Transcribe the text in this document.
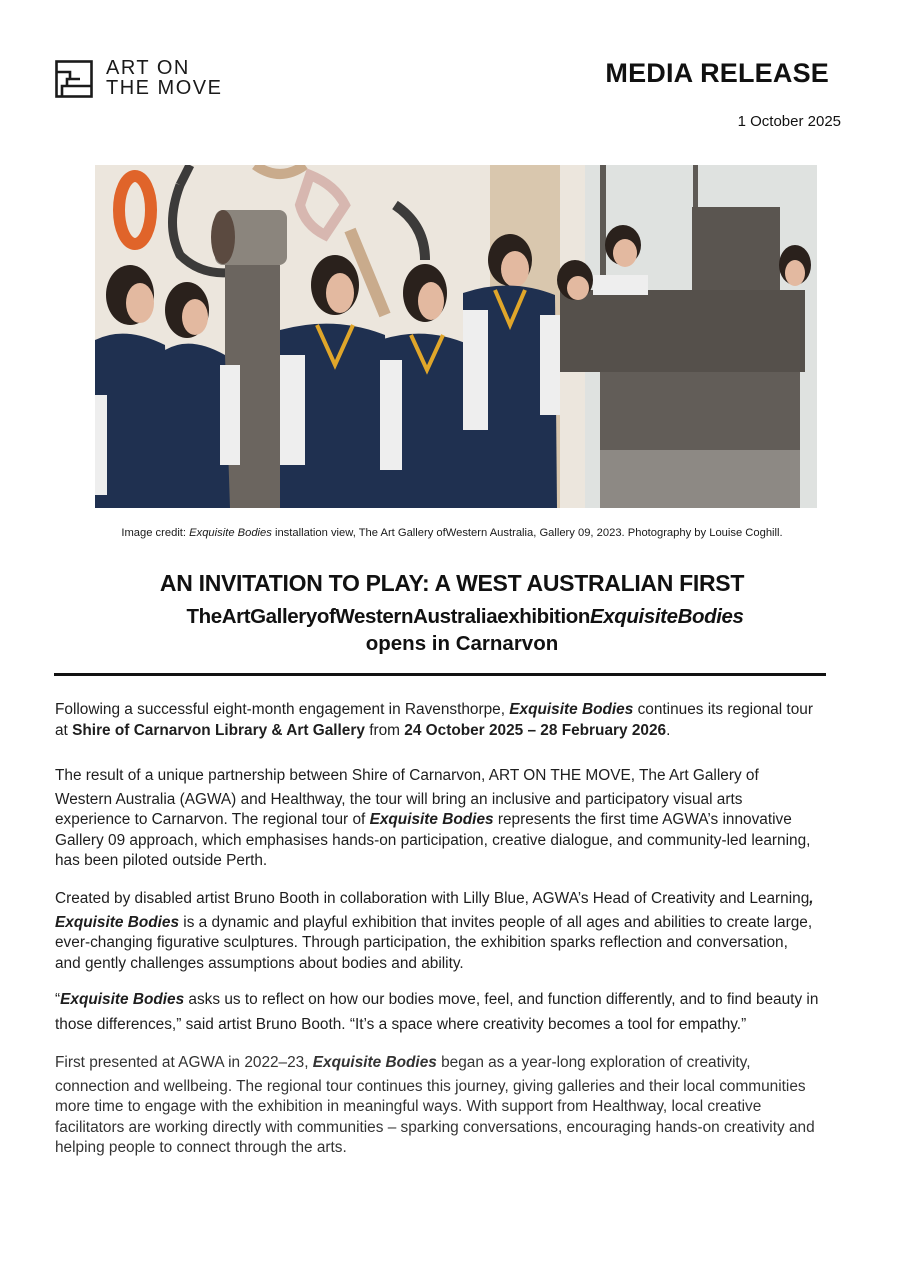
ART ON
THE MOVE	MEDIA RELEASE
1 October 2025
Image credit: Exquisite Bodies installation view, The Art Gallery ofWestern Australia, Gallery 09, 2023. Photography by Louise Coghill.
AN INVITATION TO PLAY: A WEST AUSTRALIAN FIRST
TheArtGalleryofWesternAustraliaexhibitionExquisiteBodies
opens in Carnarvon
Following a successful eight-month engagement in Ravensthorpe, Exquisite Bodies continues its regional tour
at Shire of Carnarvon Library & Art Gallery from 24 October 2025 – 28 February 2026.
The result of a unique partnership between Shire of Carnarvon, ART ON THE MOVE, The Art Gallery of
Western Australia (AGWA) and Healthway, the tour will bring an inclusive and participatory visual arts
experience to Carnarvon. The regional tour of Exquisite Bodies represents the first time AGWA’s innovative
Gallery 09 approach, which emphasises hands-on participation, creative dialogue, and community-led learning,
has been piloted outside Perth.
Created by disabled artist Bruno Booth in collaboration with Lilly Blue, AGWA’s Head of Creativity and Learning,
Exquisite Bodies is a dynamic and playful exhibition that invites people of all ages and abilities to create large,
ever-changing figurative sculptures. Through participation, the exhibition sparks reflection and conversation,
and gently challenges assumptions about bodies and ability.
“Exquisite Bodies asks us to reflect on how our bodies move, feel, and function differently, and to find beauty in
those differences,” said artist Bruno Booth. “It’s a space where creativity becomes a tool for empathy.”
First presented at AGWA in 2022–23, Exquisite Bodies began as a year-long exploration of creativity,
connection and wellbeing. The regional tour continues this journey, giving galleries and their local communities
more time to engage with the exhibition in meaningful ways. With support from Healthway, local creative
facilitators are working directly with communities – sparking conversations, encouraging hands-on creativity and
helping people to connect through the arts.
